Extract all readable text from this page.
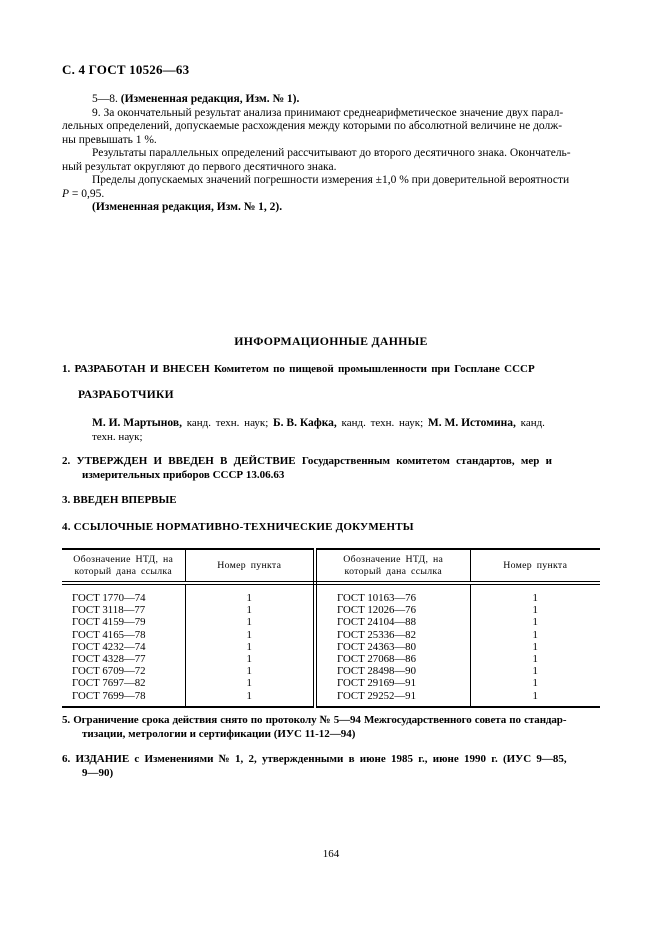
С. 4 ГОСТ 10526—63
5—8. (Измененная редакция, Изм. № 1).
9. За окончательный результат анализа принимают среднеарифметическое значение двух парал-
лельных определений, допускаемые расхождения между которыми по абсолютной величине не долж-
ны превышать 1 %.
Результаты параллельных определений рассчитывают до второго десятичного знака. Окончатель-
ный результат округляют до первого десятичного знака.
Пределы допускаемых значений погрешности измерения ±1,0 % при доверительной вероятности
Р = 0,95.
(Измененная редакция, Изм. № 1, 2).
ИНФОРМАЦИОННЫЕ ДАННЫЕ
1. РАЗРАБОТАН И ВНЕСЕН Комитетом по пищевой промышленности при Госплане СССР
РАЗРАБОТЧИКИ
М. И. Мартынов, канд. техн. наук; Б. В. Кафка, канд. техн. наук; М. М. Истомина, канд.
техн. наук;
2. УТВЕРЖДЕН И ВВЕДЕН В ДЕЙСТВИЕ Государственным комитетом стандартов, мер и
измерительных приборов СССР 13.06.63
3. ВВЕДЕН ВПЕРВЫЕ
4. ССЫЛОЧНЫЕ НОРМАТИВНО-ТЕХНИЧЕСКИЕ ДОКУМЕНТЫ
Обозначение НТД, на который дана ссылка	Номер пункта	Обозначение НТД, на который дана ссылка	Номер пункта
ГОСТ 1770—74	1	ГОСТ 10163—76	1
ГОСТ 3118—77	1	ГОСТ 12026—76	1
ГОСТ 4159—79	1	ГОСТ 24104—88	1
ГОСТ 4165—78	1	ГОСТ 25336—82	1
ГОСТ 4232—74	1	ГОСТ 24363—80	1
ГОСТ 4328—77	1	ГОСТ 27068—86	1
ГОСТ 6709—72	1	ГОСТ 28498—90	1
ГОСТ 7697—82	1	ГОСТ 29169—91	1
ГОСТ 7699—78	1	ГОСТ 29252—91	1
5. Ограничение срока действия снято по протоколу № 5—94 Межгосударственного совета по стандар-
тизации, метрологии и сертификации (ИУС 11-12—94)
6. ИЗДАНИЕ с Изменениями № 1, 2, утвержденными в июне 1985 г., июне 1990 г. (ИУС 9—85,
9—90)
164
